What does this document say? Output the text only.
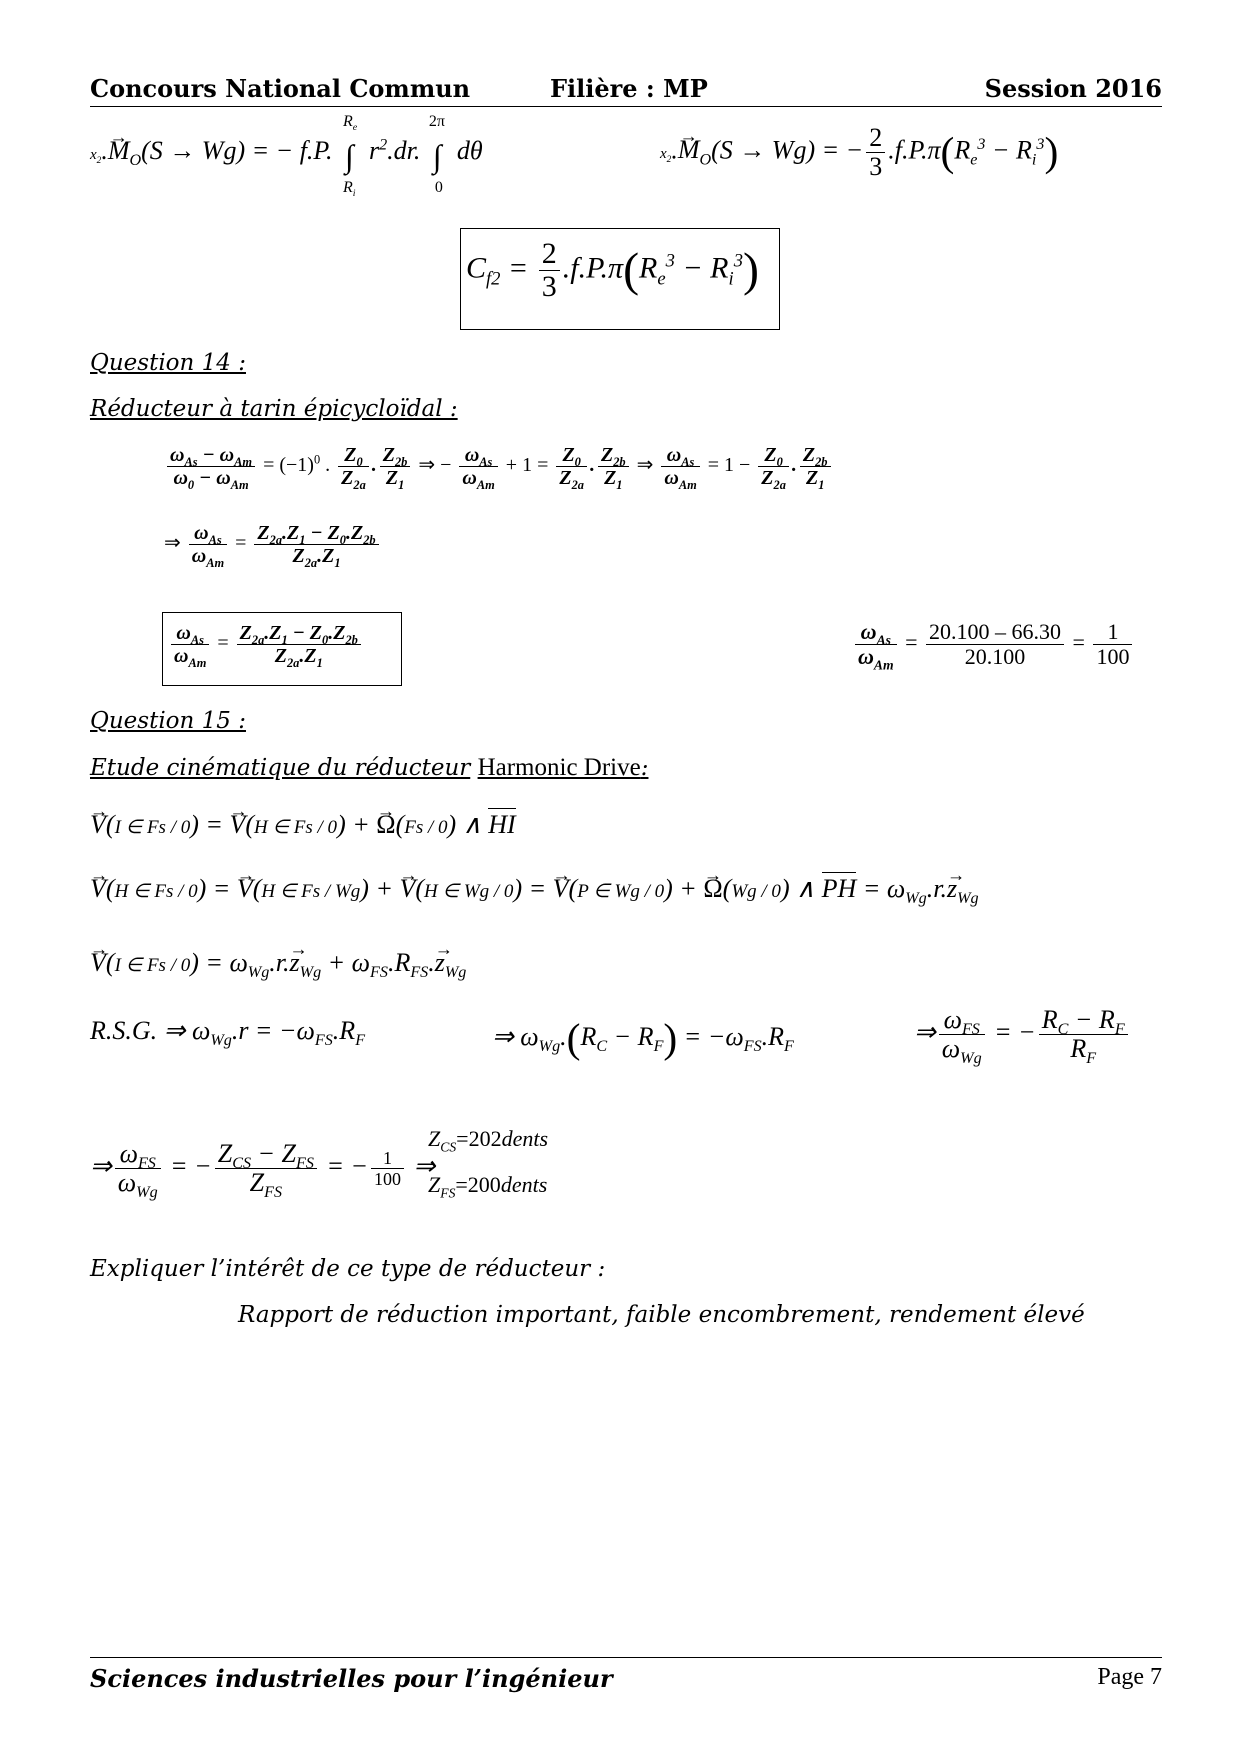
Concours National Commun	Filière : MP	Session 2016
$x_2.\to M_O(S \to Wg)$ = − f.P.
$R_e$
∫
$R_i$
$r^2.dr$.
2π
∫
0
dθ	$x_2.\to M_O(S \to Wg)$ = − $\frac{2}{3} .f.P.\pi(R_e^3 - R_i^3)$
$C_{f2} = \frac{2}{3} .f.P.\pi(R_e^3 - R_i^3)$
Question 14 :
Réducteur à tarin épicycloïdal :
$\frac{\omega_{As} - \omega_{Am}}{\omega_0 - \omega_{Am}} = (-1)^0$ . $\frac{Z_0}{Z_{2a}}$ . $\frac{Z_{2b}}{Z_1}$ ⇒ − $\frac{\omega_{As}}{\omega_{Am}} + 1 = \frac{Z_0}{Z_{2a}}$ . $\frac{Z_{2b}}{Z_1}$ ⇒ $\frac{\omega_{As}}{\omega_{Am}} = 1 - \frac{Z_0}{Z_{2a}}$ . $\frac{Z_{2b}}{Z_1}$
⇒ $\frac{\omega_{As}}{\omega_{Am}} = \frac{Z_{2a}.Z_1 - Z_0.Z_{2b}}{Z_{2a}.Z_1}$
$\frac{\omega_{As}}{\omega_{Am}} = \frac{Z_{2a}.Z_1 - Z_0.Z_{2b}}{Z_{2a}.Z_1}$	$\frac{\omega_{As}}{\omega_{Am}} = \frac{20.100 - 66.30}{20.100} = \frac{1}{100}$
Question 15 :
Etude cinématique du réducteur Harmonic Drive:
→ V(I ∈ Fs / 0) = → V(H ∈ Fs / 0) + → Ω(Fs / 0) ∧ HI
→ V(H ∈ Fs / 0) = → V(H ∈ Fs / Wg) + → V(H ∈ Wg / 0) = → V(P ∈ Wg / 0) + → Ω(Wg / 0) ∧ PH = $\omega_{Wg}.r.\to z_{Wg}$
→ V(I ∈ $Fs / 0) = \omega_{Wg}.r.\to z_{Wg} + \omega_{FS}.R_{FS}.\to z_{Wg}$
R.S.G. ⇒ $\omega_{Wg}.r = -\omega_{FS}.R_F$	⇒ $\omega_{Wg}.(R_C - R_F) = -\omega_{FS}.R_F$	⇒ $\frac{\omega_{FS}}{\omega_{Wg}}$ = − $\frac{R_C - R_F}{R_F}$
⇒ $\frac{\omega_{FS}}{\omega_{Wg}}$ = − $\frac{Z_{CS} - Z_{FS}}{Z_{FS}}$ = − $\frac{1}{100}$ ⇒
$Z_{CS}=202dents$
$Z_{FS}=200dents$
Expliquer l’intérêt de ce type de réducteur :
Rapport de réduction important, faible encombrement, rendement élevé
Sciences industrielles pour l’ingénieur	Page 7
